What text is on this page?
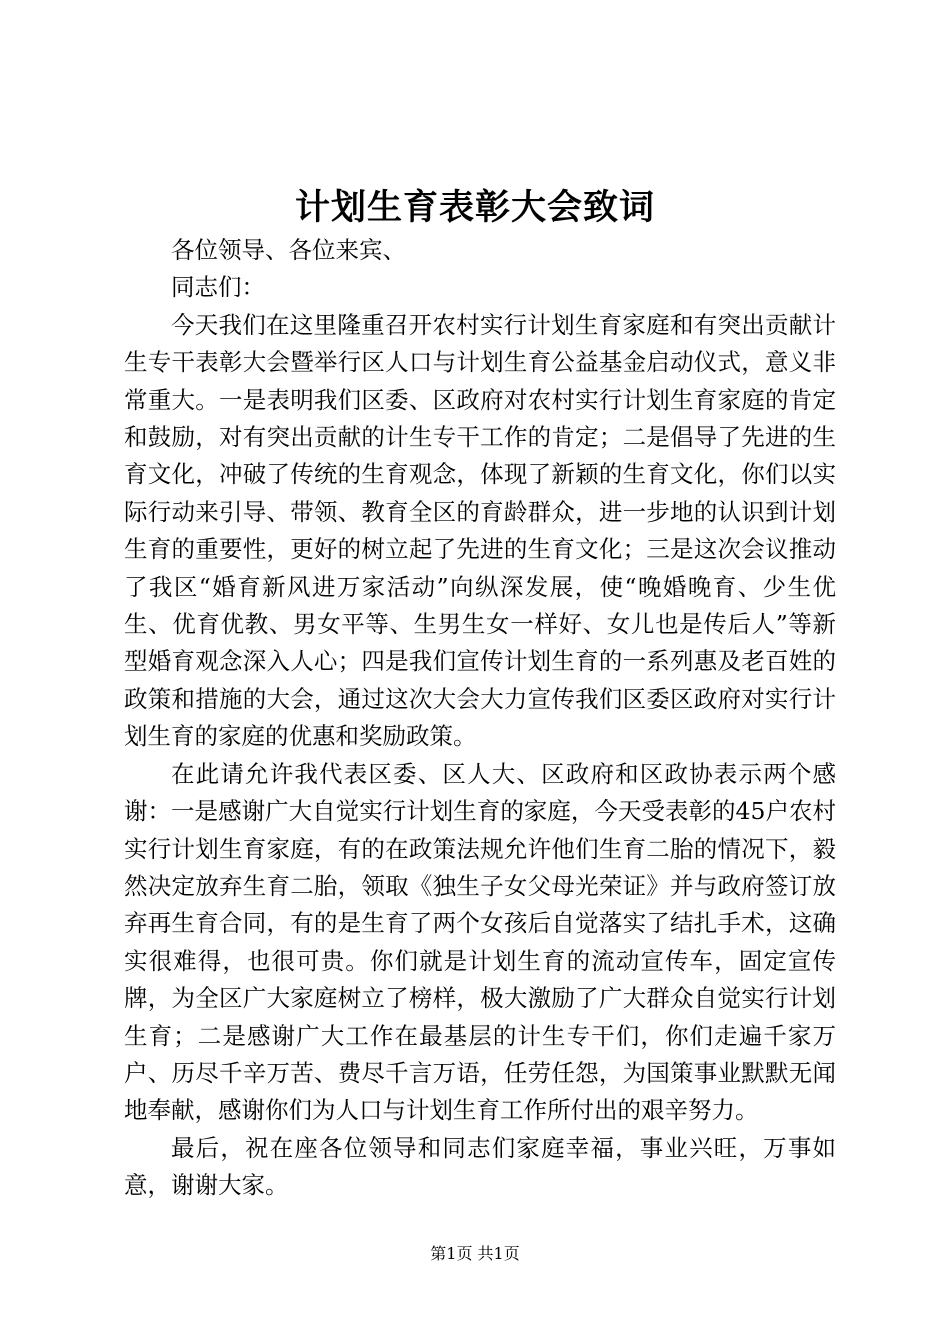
计划生育表彰大会致词

各位领导、各位来宾、

同志们：

今天我们在这里隆重召开农村实行计划生育家庭和有突出贡献计生专干表彰大会暨举行区人口与计划生育公益基金启动仪式，意义非常重大。一是表明我们区委、区政府对农村实行计划生育家庭的肯定和鼓励，对有突出贡献的计生专干工作的肯定；二是倡导了先进的生育文化，冲破了传统的生育观念，体现了新颖的生育文化，你们以实际行动来引导、带领、教育全区的育龄群众，进一步地的认识到计划生育的重要性，更好的树立起了先进的生育文化；三是这次会议推动了我区“婚育新风进万家活动”向纵深发展，使“晚婚晚育、少生优生、优育优教、男女平等、生男生女一样好、女儿也是传后人”等新型婚育观念深入人心；四是我们宣传计划生育的一系列惠及老百姓的政策和措施的大会，通过这次大会大力宣传我们区委区政府对实行计划生育的家庭的优惠和奖励政策。

在此请允许我代表区委、区人大、区政府和区政协表示两个感谢：一是感谢广大自觉实行计划生育的家庭，今天受表彰的45户农村实行计划生育家庭，有的在政策法规允许他们生育二胎的情况下，毅然决定放弃生育二胎，领取《独生子女父母光荣证》并与政府签订放弃再生育合同，有的是生育了两个女孩后自觉落实了结扎手术，这确实很难得，也很可贵。你们就是计划生育的流动宣传车，固定宣传牌，为全区广大家庭树立了榜样，极大激励了广大群众自觉实行计划生育；二是感谢广大工作在最基层的计生专干们，你们走遍千家万户、历尽千辛万苦、费尽千言万语，任劳任怨，为国策事业默默无闻地奉献，感谢你们为人口与计划生育工作所付出的艰辛努力。

最后，祝在座各位领导和同志们家庭幸福，事业兴旺，万事如意，谢谢大家。

第1页 共1页
